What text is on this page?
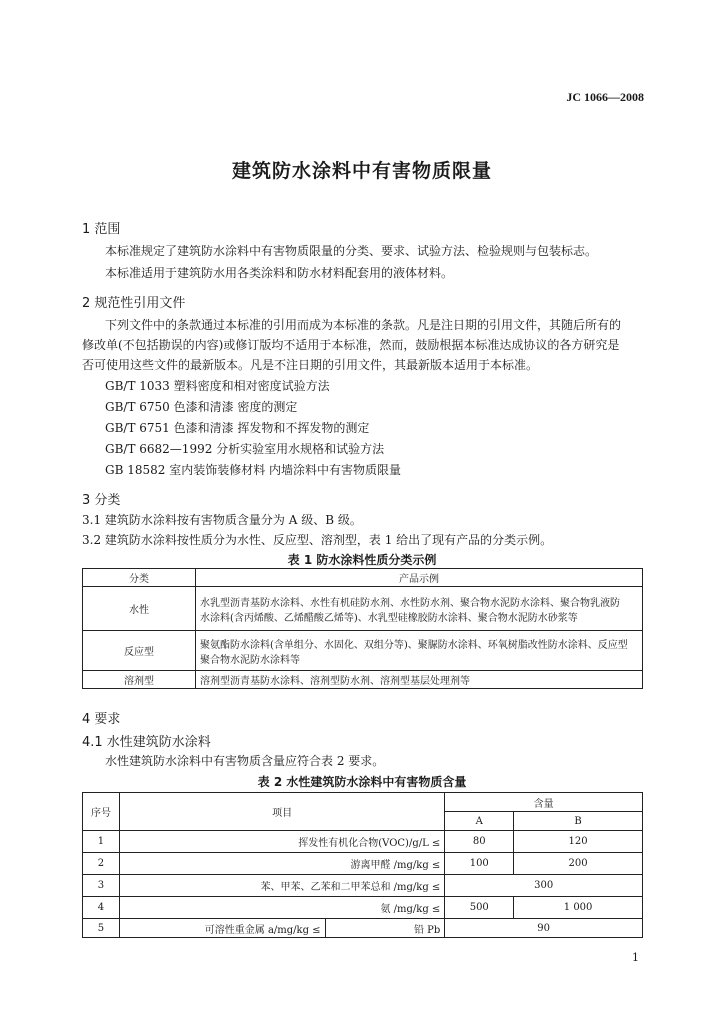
JC 1066—2008
建筑防水涂料中有害物质限量
1 范围
本标准规定了建筑防水涂料中有害物质限量的分类、要求、试验方法、检验规则与包装标志。
本标准适用于建筑防水用各类涂料和防水材料配套用的液体材料。
2 规范性引用文件
下列文件中的条款通过本标准的引用而成为本标准的条款。凡是注日期的引用文件，其随后所有的
修改单(不包括勘误的内容)或修订版均不适用于本标准，然而，鼓励根据本标准达成协议的各方研究是
否可使用这些文件的最新版本。凡是不注日期的引用文件，其最新版本适用于本标准。
GB/T 1033 塑料密度和相对密度试验方法
GB/T 6750 色漆和清漆 密度的测定
GB/T 6751 色漆和清漆 挥发物和不挥发物的测定
GB/T 6682—1992 分析实验室用水规格和试验方法
GB 18582 室内装饰装修材料 内墙涂料中有害物质限量
3 分类
3.1 建筑防水涂料按有害物质含量分为 A 级、B 级。
3.2 建筑防水涂料按性质分为水性、反应型、溶剂型，表 1 给出了现有产品的分类示例。
表 1 防水涂料性质分类示例
分类	产品示例
水性	水乳型沥青基防水涂料、水性有机硅防水剂、水性防水剂、聚合物水泥防水涂料、聚合物乳液防
水涂料(含丙烯酸、乙烯醋酸乙烯等)、水乳型硅橡胶防水涂料、聚合物水泥防水砂浆等

反应型	聚氨酯防水涂料(含单组分、水固化、双组分等)、聚脲防水涂料、环氧树脂改性防水涂料、反应型
聚合物水泥防水涂料等

溶剂型	溶剂型沥青基防水涂料、溶剂型防水剂、溶剂型基层处理剂等
4 要求
4.1 水性建筑防水涂料
水性建筑防水涂料中有害物质含量应符合表 2 要求。
表 2 水性建筑防水涂料中有害物质含量
序号	项目		含量	
			A	B
1	挥发性有机化合物(VOC)/g/L ≤		80	120
2	游离甲醛 /mg/kg ≤		100	200
3	苯、甲苯、乙苯和二甲苯总和 /mg/kg ≤		300	
4	氨 /mg/kg ≤		500	1 000
5	可溶性重金属 a/mg/kg ≤	铅 Pb	90	
1
